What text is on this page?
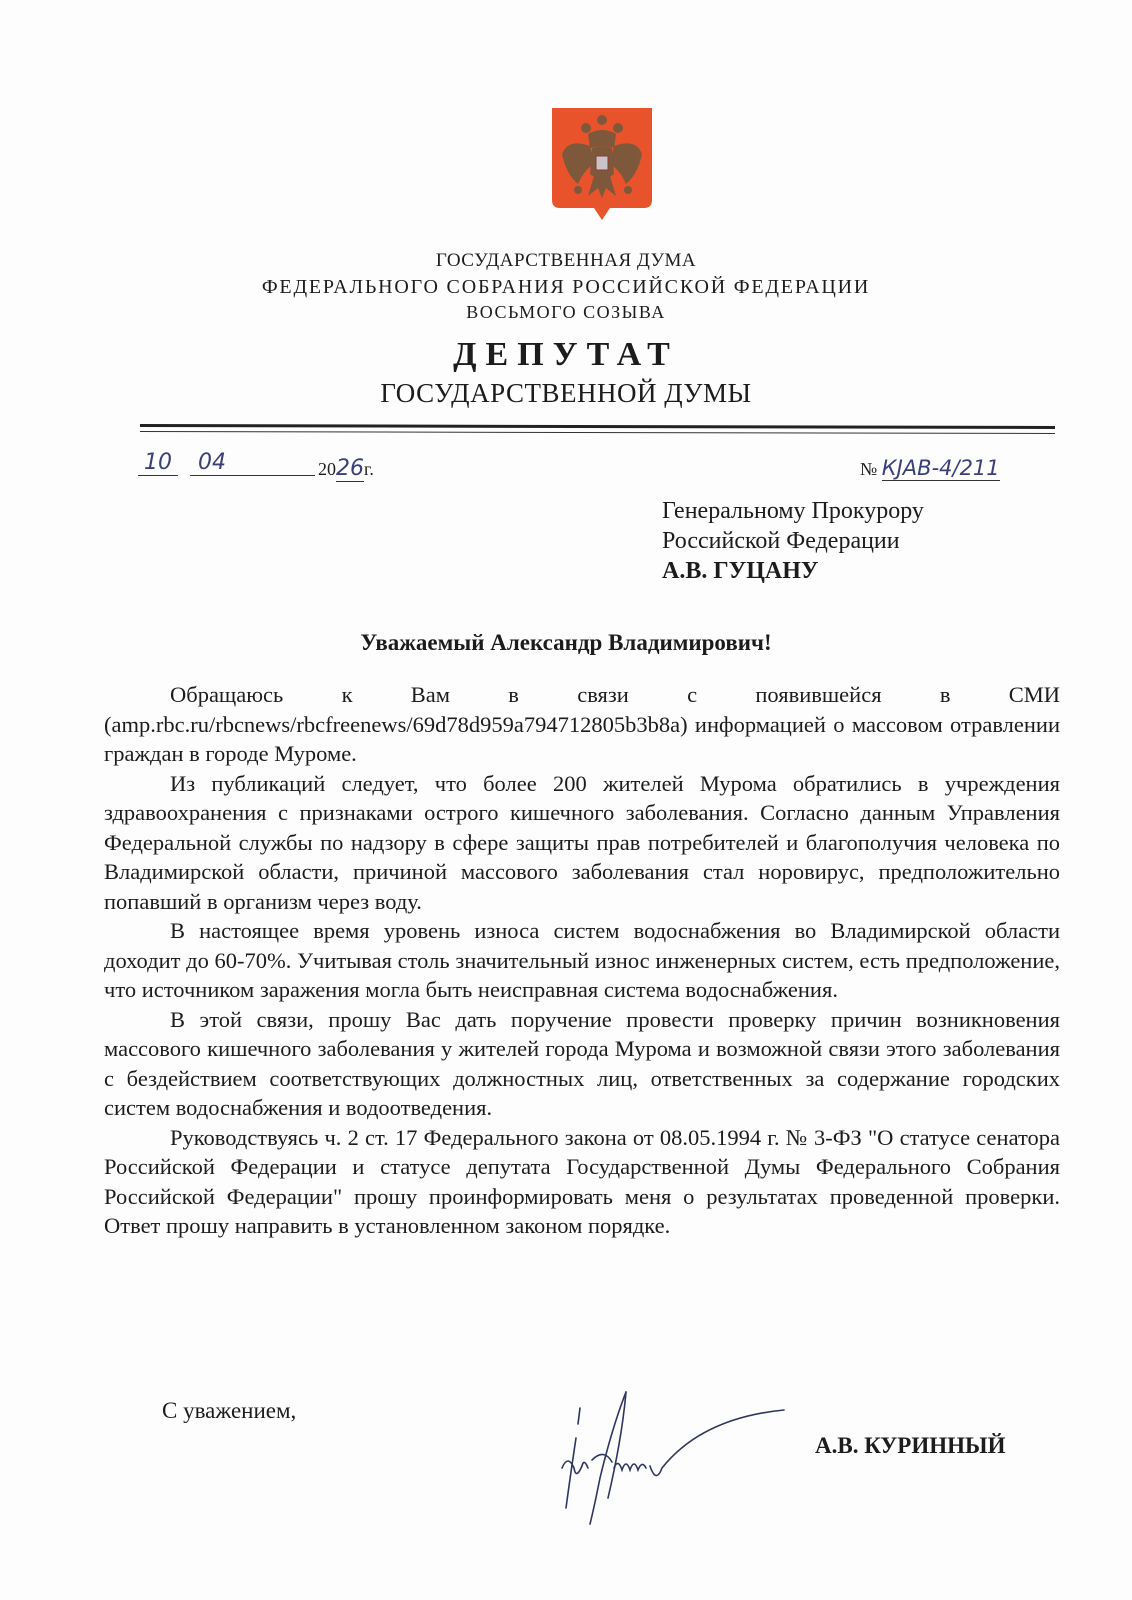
ГОСУДАРСТВЕННАЯ ДУМА
ФЕДЕРАЛЬНОГО СОБРАНИЯ РОССИЙСКОЙ ФЕДЕРАЦИИ
ВОСЬМОГО СОЗЫВА
ДЕПУТАТ
ГОСУДАРСТВЕННОЙ ДУМЫ
10	04	2026г.	№ КЈАВ-4/211
Генеральному Прокурору
Российской Федерации
А.В. ГУЦАНУ
Уважаемый Александр Владимирович!

Обращаюсь к Вам в связи с появившейся в СМИ (amp.rbc.ru/rbcnews/rbcfreenews/69d78d959a794712805b3b8a) информацией о массовом отравлении граждан в городе Муроме.

Из публикаций следует, что более 200 жителей Мурома обратились в учреждения здравоохранения с признаками острого кишечного заболевания. Согласно данным Управления Федеральной службы по надзору в сфере защиты прав потребителей и благополучия человека по Владимирской области, причиной массового заболевания стал норовирус, предположительно попавший в организм через воду.

В настоящее время уровень износа систем водоснабжения во Владимирской области доходит до 60-70%. Учитывая столь значительный износ инженерных систем, есть предположение, что источником заражения могла быть неисправная система водоснабжения.

В этой связи, прошу Вас дать поручение провести проверку причин возникновения массового кишечного заболевания у жителей города Мурома и возможной связи этого заболевания с бездействием соответствующих должностных лиц, ответственных за содержание городских систем водоснабжения и водоотведения.

Руководствуясь ч. 2 ст. 17 Федерального закона от 08.05.1994 г. № 3-ФЗ "О статусе сенатора Российской Федерации и статусе депутата Государственной Думы Федерального Собрания Российской Федерации" прошу проинформировать меня о результатах проведенной проверки. Ответ прошу направить в установленном законом порядке.

С уважением,
А.В. КУРИННЫЙ
